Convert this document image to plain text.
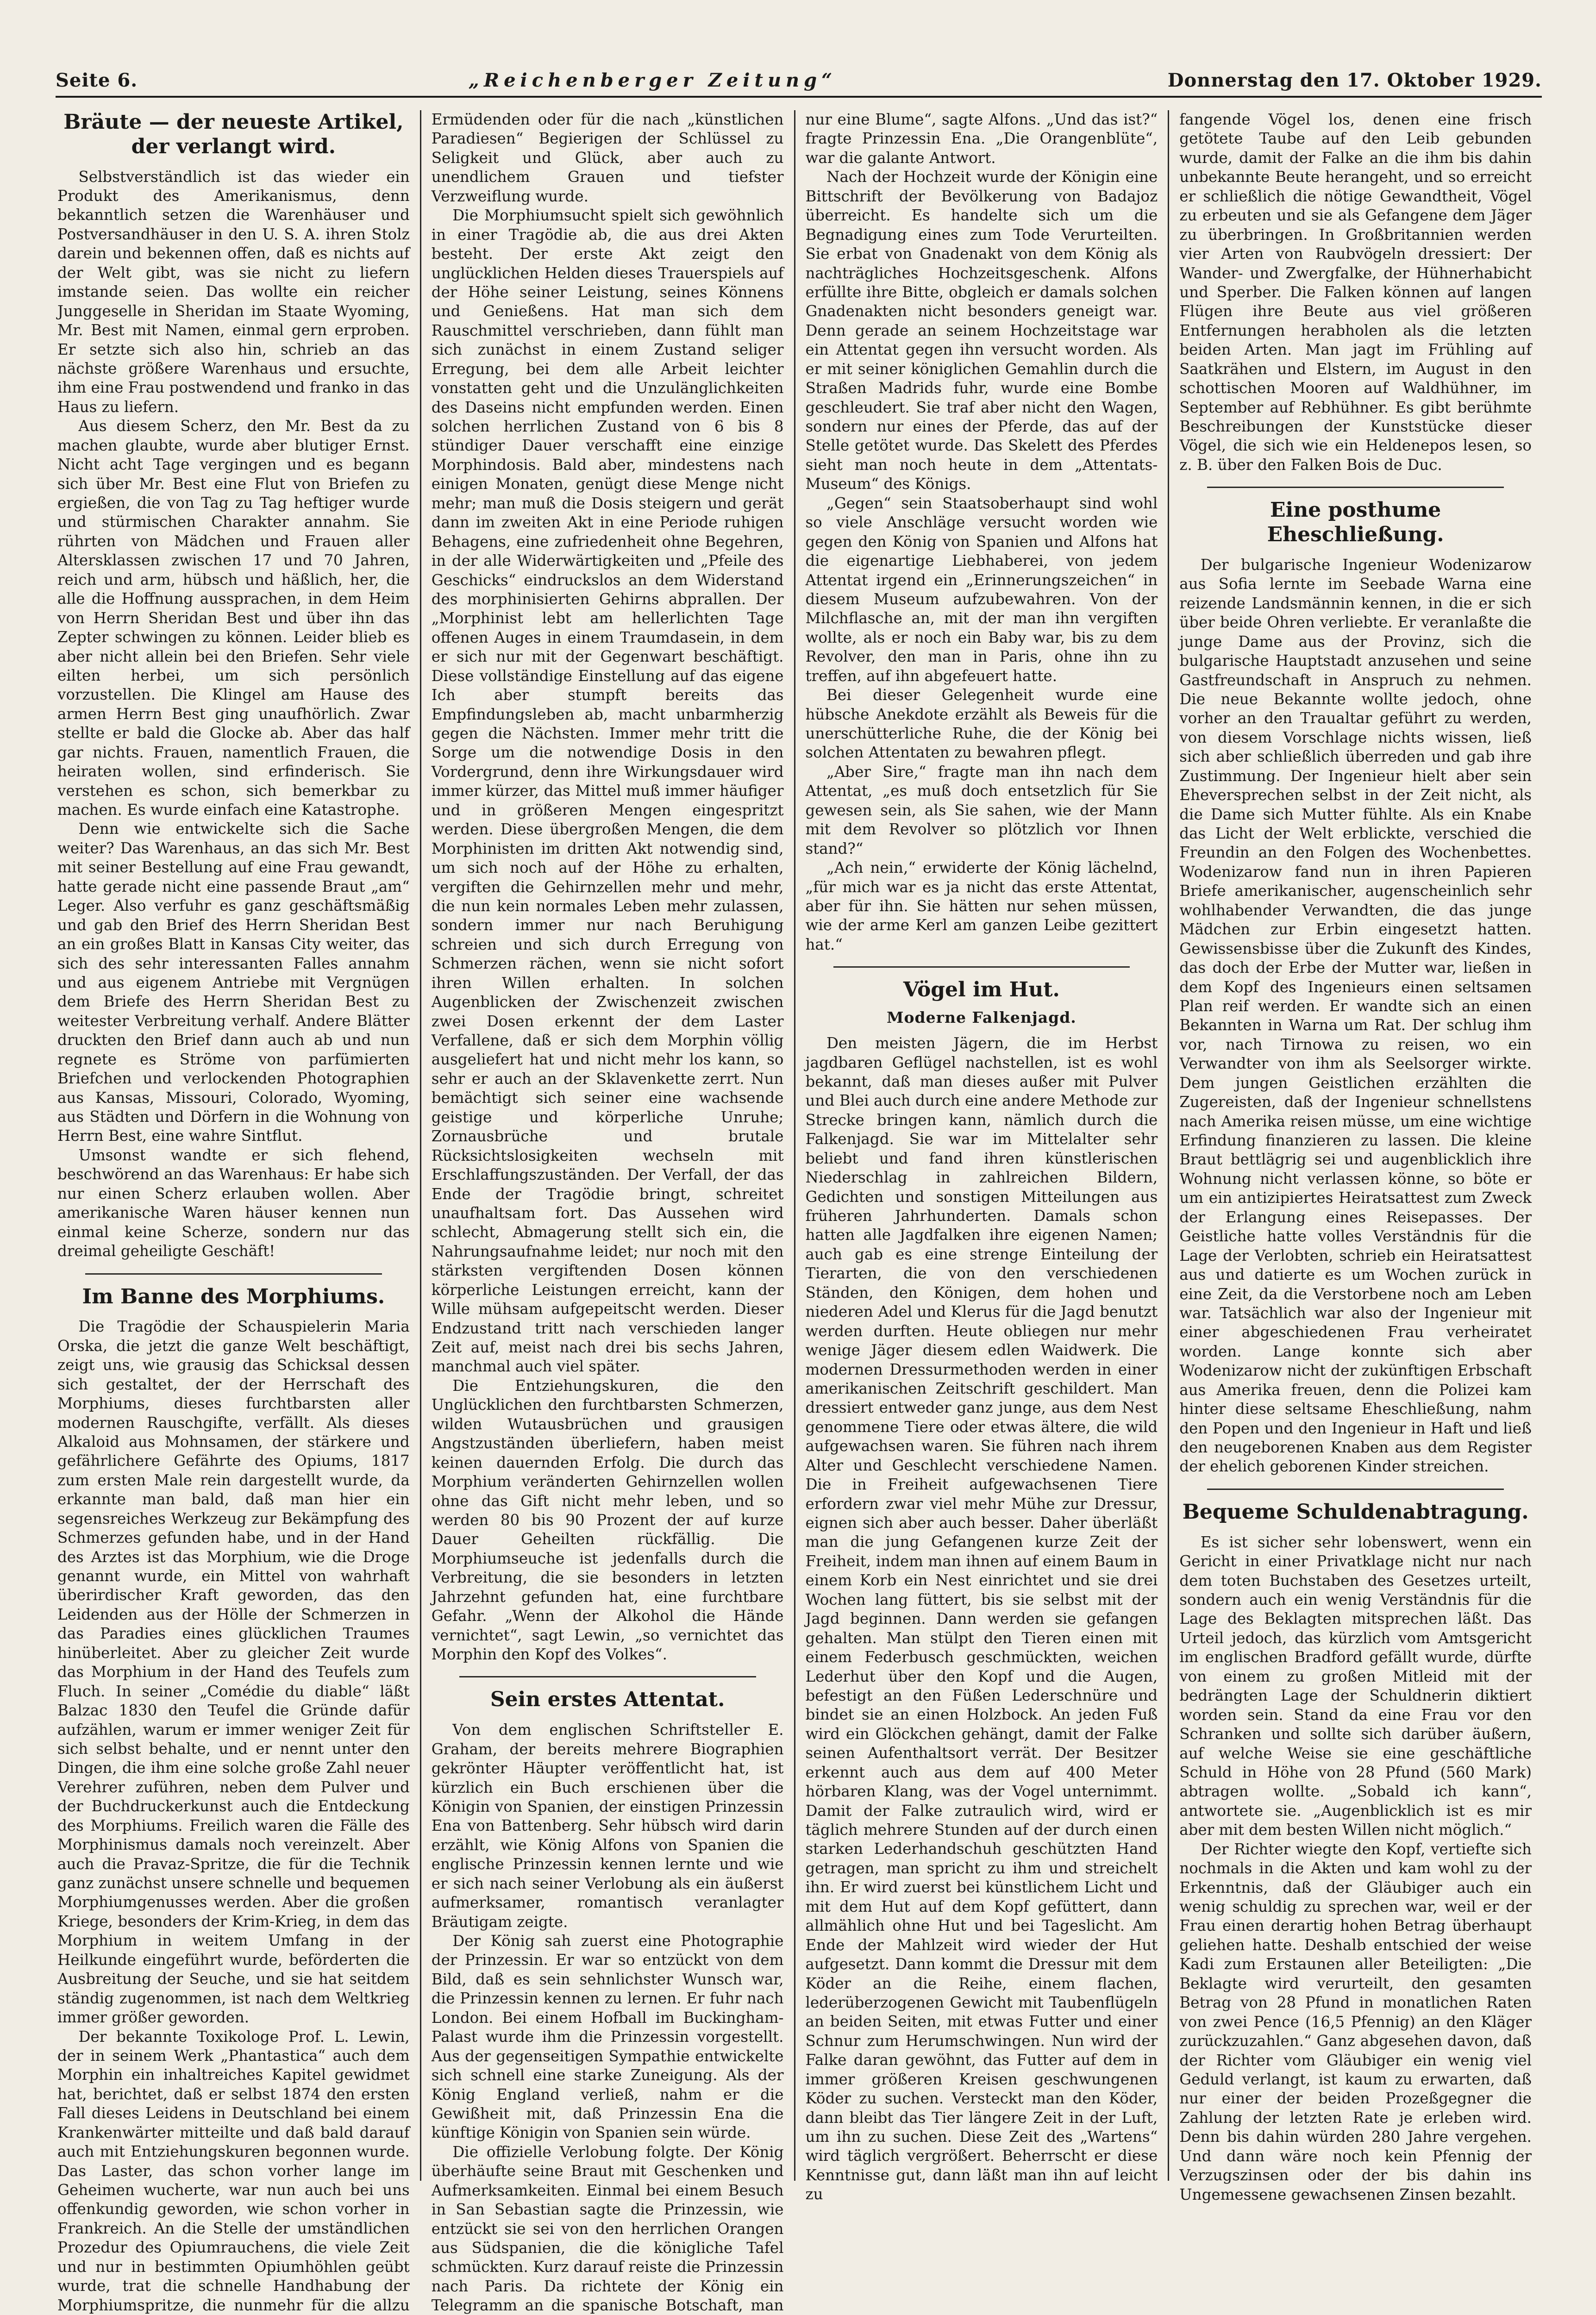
Seite 6.	„Reichenberger Zeitung“	Donnerstag den 17. Oktober 1929.
Bräute — der neueste Artikel, der verlangt wird.

Selbstverständlich ist das wieder ein Produkt des Amerikanismus, denn bekanntlich setzen die Warenhäuser und Postversandhäuser in den U. S. A. ihren Stolz darein und bekennen offen, daß es nichts auf der Welt gibt, was sie nicht zu liefern imstande seien. Das wollte ein reicher Junggeselle in Sheridan im Staate Wyoming, Mr. Best mit Namen, einmal gern erproben. Er setzte sich also hin, schrieb an das nächste größere Warenhaus und ersuchte, ihm eine Frau postwendend und franko in das Haus zu liefern.

Aus diesem Scherz, den Mr. Best da zu machen glaubte, wurde aber blutiger Ernst. Nicht acht Tage vergingen und es begann sich über Mr. Best eine Flut von Briefen zu ergießen, die von Tag zu Tag heftiger wurde und stürmischen Charakter annahm. Sie rührten von Mädchen und Frauen aller Altersklassen zwischen 17 und 70 Jahren, reich und arm, hübsch und häßlich, her, die alle die Hoffnung aussprachen, in dem Heim von Herrn Sheridan Best und über ihn das Zepter schwingen zu können. Leider blieb es aber nicht allein bei den Briefen. Sehr viele eilten herbei, um sich persönlich vorzustellen. Die Klingel am Hause des armen Herrn Best ging unaufhörlich. Zwar stellte er bald die Glocke ab. Aber das half gar nichts. Frauen, namentlich Frauen, die heiraten wollen, sind erfinderisch. Sie verstehen es schon, sich bemerkbar zu machen. Es wurde einfach eine Katastrophe.

Denn wie entwickelte sich die Sache weiter? Das Warenhaus, an das sich Mr. Best mit seiner Bestellung auf eine Frau gewandt, hatte gerade nicht eine passende Braut „am“ Leger. Also verfuhr es ganz geschäftsmäßig und gab den Brief des Herrn Sheridan Best an ein großes Blatt in Kansas City weiter, das sich des sehr interessanten Falles annahm und aus eigenem Antriebe mit Vergnügen dem Briefe des Herrn Sheridan Best zu weitester Verbreitung verhalf. Andere Blätter druckten den Brief dann auch ab und nun regnete es Ströme von parfümierten Briefchen und verlockenden Photographien aus Kansas, Missouri, Colorado, Wyoming, aus Städten und Dörfern in die Wohnung von Herrn Best, eine wahre Sintflut.

Umsonst wandte er sich flehend, beschwörend an das Warenhaus: Er habe sich nur einen Scherz erlauben wollen. Aber amerikanische Waren häuser kennen nun einmal keine Scherze, sondern nur das dreimal geheiligte Geschäft!

Im Banne des Morphiums.

Die Tragödie der Schauspielerin Maria Orska, die jetzt die ganze Welt beschäftigt, zeigt uns, wie grausig das Schicksal dessen sich gestaltet, der der Herrschaft des Morphiums, dieses furchtbarsten aller modernen Rauschgifte, verfällt. Als dieses Alkaloid aus Mohnsamen, der stärkere und gefährlichere Gefährte des Opiums, 1817 zum ersten Male rein dargestellt wurde, da erkannte man bald, daß man hier ein segensreiches Werkzeug zur Bekämpfung des Schmerzes gefunden habe, und in der Hand des Arztes ist das Morphium, wie die Droge genannt wurde, ein Mittel von wahrhaft überirdischer Kraft geworden, das den Leidenden aus der Hölle der Schmerzen in das Paradies eines glücklichen Traumes hinüberleitet. Aber zu gleicher Zeit wurde das Morphium in der Hand des Teufels zum Fluch. In seiner „Comédie du diable“ läßt Balzac 1830 den Teufel die Gründe dafür aufzählen, warum er immer weniger Zeit für sich selbst behalte, und er nennt unter den Dingen, die ihm eine solche große Zahl neuer Verehrer zuführen, neben dem Pulver und der Buchdruckerkunst auch die Entdeckung des Morphiums. Freilich waren die Fälle des Morphinismus damals noch vereinzelt. Aber auch die Pravaz-Spritze, die für die Technik ganz zunächst unsere schnelle und bequemen Morphiumgenusses werden. Aber die großen Kriege, besonders der Krim-Krieg, in dem das Morphium in weitem Umfang in der Heilkunde eingeführt wurde, beförderten die Ausbreitung der Seuche, und sie hat seitdem ständig zugenommen, ist nach dem Weltkrieg immer größer geworden.

Der bekannte Toxikologe Prof. L. Lewin, der in seinem Werk „Phantastica“ auch dem Morphin ein inhaltreiches Kapitel gewidmet hat, berichtet, daß er selbst 1874 den ersten Fall dieses Leidens in Deutschland bei einem Krankenwärter mitteilte und daß bald darauf auch mit Entziehungskuren begonnen wurde. Das Laster, das schon vorher lange im Geheimen wucherte, war nun auch bei uns offenkundig geworden, wie schon vorher in Frankreich. An die Stelle der umständlichen Prozedur des Opiumrauchens, die viele Zeit und nur in bestimmten Opiumhöhlen geübt wurde, trat die schnelle Handhabung der Morphiumspritze, die nunmehr für die allzu

Ermüdenden oder für die nach „künstlichen Paradiesen“ Begierigen der Schlüssel zu Seligkeit und Glück, aber auch zu unendlichem Grauen und tiefster Verzweiflung wurde.

Die Morphiumsucht spielt sich gewöhnlich in einer Tragödie ab, die aus drei Akten besteht. Der erste Akt zeigt den unglücklichen Helden dieses Trauerspiels auf der Höhe seiner Leistung, seines Könnens und Genießens. Hat man sich dem Rauschmittel verschrieben, dann fühlt man sich zunächst in einem Zustand seliger Erregung, bei dem alle Arbeit leichter vonstatten geht und die Unzulänglichkeiten des Daseins nicht empfunden werden. Einen solchen herrlichen Zustand von 6 bis 8 stündiger Dauer verschafft eine einzige Morphindosis. Bald aber, mindestens nach einigen Monaten, genügt diese Menge nicht mehr; man muß die Dosis steigern und gerät dann im zweiten Akt in eine Periode ruhigen Behagens, eine zufriedenheit ohne Begehren, in der alle Widerwärtigkeiten und „Pfeile des Geschicks“ eindruckslos an dem Widerstand des morphinisierten Gehirns abprallen. Der „Morphinist lebt am hellerlichten Tage offenen Auges in einem Traumdasein, in dem er sich nur mit der Gegenwart beschäftigt. Diese vollständige Einstellung auf das eigene Ich aber stumpft bereits das Empfindungsleben ab, macht unbarmherzig gegen die Nächsten. Immer mehr tritt die Sorge um die notwendige Dosis in den Vordergrund, denn ihre Wirkungsdauer wird immer kürzer, das Mittel muß immer häufiger und in größeren Mengen eingespritzt werden. Diese übergroßen Mengen, die dem Morphinisten im dritten Akt notwendig sind, um sich noch auf der Höhe zu erhalten, vergiften die Gehirnzellen mehr und mehr, die nun kein normales Leben mehr zulassen, sondern immer nur nach Beruhigung schreien und sich durch Erregung von Schmerzen rächen, wenn sie nicht sofort ihren Willen erhalten. In solchen Augenblicken der Zwischenzeit zwischen zwei Dosen erkennt der dem Laster Verfallene, daß er sich dem Morphin völlig ausgeliefert hat und nicht mehr los kann, so sehr er auch an der Sklavenkette zerrt. Nun bemächtigt sich seiner eine wachsende geistige und körperliche Unruhe; Zornausbrüche und brutale Rücksichtslosigkeiten wechseln mit Erschlaffungszuständen. Der Verfall, der das Ende der Tragödie bringt, schreitet unaufhaltsam fort. Das Aussehen wird schlecht, Abmagerung stellt sich ein, die Nahrungsaufnahme leidet; nur noch mit den stärksten vergiftenden Dosen können körperliche Leistungen erreicht, kann der Wille mühsam aufgepeitscht werden. Dieser Endzustand tritt nach verschieden langer Zeit auf, meist nach drei bis sechs Jahren, manchmal auch viel später.

Die Entziehungskuren, die den Unglücklichen den furchtbarsten Schmerzen, wilden Wutausbrüchen und grausigen Angstzuständen überliefern, haben meist keinen dauernden Erfolg. Die durch das Morphium veränderten Gehirnzellen wollen ohne das Gift nicht mehr leben, und so werden 80 bis 90 Prozent der auf kurze Dauer Geheilten rückfällig. Die Morphiumseuche ist jedenfalls durch die Verbreitung, die sie besonders in letzten Jahrzehnt gefunden hat, eine furchtbare Gefahr. „Wenn der Alkohol die Hände vernichtet“, sagt Lewin, „so vernichtet das Morphin den Kopf des Volkes“.

Sein erstes Attentat.

Von dem englischen Schriftsteller E. Graham, der bereits mehrere Biographien gekrönter Häupter veröffentlicht hat, ist kürzlich ein Buch erschienen über die Königin von Spanien, der einstigen Prinzessin Ena von Battenberg. Sehr hübsch wird darin erzählt, wie König Alfons von Spanien die englische Prinzessin kennen lernte und wie er sich nach seiner Verlobung als ein äußerst aufmerksamer, romantisch veranlagter Bräutigam zeigte.

Der König sah zuerst eine Photographie der Prinzessin. Er war so entzückt von dem Bild, daß es sein sehnlichster Wunsch war, die Prinzessin kennen zu lernen. Er fuhr nach London. Bei einem Hofball im Buckingham-Palast wurde ihm die Prinzessin vorgestellt. Aus der gegenseitigen Sympathie entwickelte sich schnell eine starke Zuneigung. Als der König England verließ, nahm er die Gewißheit mit, daß Prinzessin Ena die künftige Königin von Spanien sein würde.

Die offizielle Verlobung folgte. Der König überhäufte seine Braut mit Geschenken und Aufmerksamkeiten. Einmal bei einem Besuch in San Sebastian sagte die Prinzessin, wie entzückt sie sei von den herrlichen Orangen aus Südspanien, die die königliche Tafel schmückten. Kurz darauf reiste die Prinzessin nach Paris. Da richtete der König ein Telegramm an die spanische Botschaft, man

nur eine Blume“, sagte Alfons. „Und das ist?“ fragte Prinzessin Ena. „Die Orangenblüte“, war die galante Antwort.

Nach der Hochzeit wurde der Königin eine Bittschrift der Bevölkerung von Badajoz überreicht. Es handelte sich um die Begnadigung eines zum Tode Verurteilten. Sie erbat von Gnadenakt von dem König als nachträgliches Hochzeitsgeschenk. Alfons erfüllte ihre Bitte, obgleich er damals solchen Gnadenakten nicht besonders geneigt war. Denn gerade an seinem Hochzeitstage war ein Attentat gegen ihn versucht worden. Als er mit seiner königlichen Gemahlin durch die Straßen Madrids fuhr, wurde eine Bombe geschleudert. Sie traf aber nicht den Wagen, sondern nur eines der Pferde, das auf der Stelle getötet wurde. Das Skelett des Pferdes sieht man noch heute in dem „Attentats-Museum“ des Königs.

„Gegen“ sein Staatsoberhaupt sind wohl so viele Anschläge versucht worden wie gegen den König von Spanien und Alfons hat die eigenartige Liebhaberei, von jedem Attentat irgend ein „Erinnerungszeichen“ in diesem Museum aufzubewahren. Von der Milchflasche an, mit der man ihn vergiften wollte, als er noch ein Baby war, bis zu dem Revolver, den man in Paris, ohne ihn zu treffen, auf ihn abgefeuert hatte.

Bei dieser Gelegenheit wurde eine hübsche Anekdote erzählt als Beweis für die unerschütterliche Ruhe, die der König bei solchen Attentaten zu bewahren pflegt.

„Aber Sire,“ fragte man ihn nach dem Attentat, „es muß doch entsetzlich für Sie gewesen sein, als Sie sahen, wie der Mann mit dem Revolver so plötzlich vor Ihnen stand?“

„Ach nein,“ erwiderte der König lächelnd, „für mich war es ja nicht das erste Attentat, aber für ihn. Sie hätten nur sehen müssen, wie der arme Kerl am ganzen Leibe gezittert hat.“

Vögel im Hut.
Moderne Falkenjagd.

Den meisten Jägern, die im Herbst jagdbaren Geflügel nachstellen, ist es wohl bekannt, daß man dieses außer mit Pulver und Blei auch durch eine andere Methode zur Strecke bringen kann, nämlich durch die Falkenjagd. Sie war im Mittelalter sehr beliebt und fand ihren künstlerischen Niederschlag in zahlreichen Bildern, Gedichten und sonstigen Mitteilungen aus früheren Jahrhunderten. Damals schon hatten alle Jagdfalken ihre eigenen Namen; auch gab es eine strenge Einteilung der Tierarten, die von den verschiedenen Ständen, den Königen, dem hohen und niederen Adel und Klerus für die Jagd benutzt werden durften. Heute obliegen nur mehr wenige Jäger diesem edlen Waidwerk. Die modernen Dressurmethoden werden in einer amerikanischen Zeitschrift geschildert. Man dressiert entweder ganz junge, aus dem Nest genommene Tiere oder etwas ältere, die wild aufgewachsen waren. Sie führen nach ihrem Alter und Geschlecht verschiedene Namen. Die in Freiheit aufgewachsenen Tiere erfordern zwar viel mehr Mühe zur Dressur, eignen sich aber auch besser. Daher überläßt man die jung Gefangenen kurze Zeit der Freiheit, indem man ihnen auf einem Baum in einem Korb ein Nest einrichtet und sie drei Wochen lang füttert, bis sie selbst mit der Jagd beginnen. Dann werden sie gefangen gehalten. Man stülpt den Tieren einen mit einem Federbusch geschmückten, weichen Lederhut über den Kopf und die Augen, befestigt an den Füßen Lederschnüre und bindet sie an einen Holzbock. An jeden Fuß wird ein Glöckchen gehängt, damit der Falke seinen Aufenthaltsort verrät. Der Besitzer erkennt auch aus dem auf 400 Meter hörbaren Klang, was der Vogel unternimmt. Damit der Falke zutraulich wird, wird er täglich mehrere Stunden auf der durch einen starken Lederhandschuh geschützten Hand getragen, man spricht zu ihm und streichelt ihn. Er wird zuerst bei künstlichem Licht und mit dem Hut auf dem Kopf gefüttert, dann allmählich ohne Hut und bei Tageslicht. Am Ende der Mahlzeit wird wieder der Hut aufgesetzt. Dann kommt die Dressur mit dem Köder an die Reihe, einem flachen, lederüberzogenen Gewicht mit Taubenflügeln an beiden Seiten, mit etwas Futter und einer Schnur zum Herumschwingen. Nun wird der Falke daran gewöhnt, das Futter auf dem in immer größeren Kreisen geschwungenen Köder zu suchen. Versteckt man den Köder, dann bleibt das Tier längere Zeit in der Luft, um ihn zu suchen. Diese Zeit des „Wartens“ wird täglich vergrößert. Beherrscht er diese Kenntnisse gut, dann läßt man ihn auf leicht zu

fangende Vögel los, denen eine frisch getötete Taube auf den Leib gebunden wurde, damit der Falke an die ihm bis dahin unbekannte Beute herangeht, und so erreicht er schließlich die nötige Gewandtheit, Vögel zu erbeuten und sie als Gefangene dem Jäger zu überbringen. In Großbritannien werden vier Arten von Raubvögeln dressiert: Der Wander- und Zwergfalke, der Hühnerhabicht und Sperber. Die Falken können auf langen Flügen ihre Beute aus viel größeren Entfernungen herabholen als die letzten beiden Arten. Man jagt im Frühling auf Saatkrähen und Elstern, im August in den schottischen Mooren auf Waldhühner, im September auf Rebhühner. Es gibt berühmte Beschreibungen der Kunststücke dieser Vögel, die sich wie ein Heldenepos lesen, so z. B. über den Falken Bois de Duc.

Eine posthume Eheschließung.

Der bulgarische Ingenieur Wodenizarow aus Sofia lernte im Seebade Warna eine reizende Landsmännin kennen, in die er sich über beide Ohren verliebte. Er veranlaßte die junge Dame aus der Provinz, sich die bulgarische Hauptstadt anzusehen und seine Gastfreundschaft in Anspruch zu nehmen. Die neue Bekannte wollte jedoch, ohne vorher an den Traualtar geführt zu werden, von diesem Vorschlage nichts wissen, ließ sich aber schließlich überreden und gab ihre Zustimmung. Der Ingenieur hielt aber sein Eheversprechen selbst in der Zeit nicht, als die Dame sich Mutter fühlte. Als ein Knabe das Licht der Welt erblickte, verschied die Freundin an den Folgen des Wochenbettes. Wodenizarow fand nun in ihren Papieren Briefe amerikanischer, augenscheinlich sehr wohlhabender Verwandten, die das junge Mädchen zur Erbin eingesetzt hatten. Gewissensbisse über die Zukunft des Kindes, das doch der Erbe der Mutter war, ließen in dem Kopf des Ingenieurs einen seltsamen Plan reif werden. Er wandte sich an einen Bekannten in Warna um Rat. Der schlug ihm vor, nach Tirnowa zu reisen, wo ein Verwandter von ihm als Seelsorger wirkte. Dem jungen Geistlichen erzählten die Zugereisten, daß der Ingenieur schnellstens nach Amerika reisen müsse, um eine wichtige Erfindung finanzieren zu lassen. Die kleine Braut bettlägrig sei und augenblicklich ihre Wohnung nicht verlassen könne, so böte er um ein antizipiertes Heiratsattest zum Zweck der Erlangung eines Reisepasses. Der Geistliche hatte volles Verständnis für die Lage der Verlobten, schrieb ein Heiratsattest aus und datierte es um Wochen zurück in eine Zeit, da die Verstorbene noch am Leben war. Tatsächlich war also der Ingenieur mit einer abgeschiedenen Frau verheiratet worden. Lange konnte sich aber Wodenizarow nicht der zukünftigen Erbschaft aus Amerika freuen, denn die Polizei kam hinter diese seltsame Eheschließung, nahm den Popen und den Ingenieur in Haft und ließ den neugeborenen Knaben aus dem Register der ehelich geborenen Kinder streichen.

Bequeme Schuldenabtragung.

Es ist sicher sehr lobenswert, wenn ein Gericht in einer Privatklage nicht nur nach dem toten Buchstaben des Gesetzes urteilt, sondern auch ein wenig Verständnis für die Lage des Beklagten mitsprechen läßt. Das Urteil jedoch, das kürzlich vom Amtsgericht im englischen Bradford gefällt wurde, dürfte von einem zu großen Mitleid mit der bedrängten Lage der Schuldnerin diktiert worden sein. Stand da eine Frau vor den Schranken und sollte sich darüber äußern, auf welche Weise sie eine geschäftliche Schuld in Höhe von 28 Pfund (560 Mark) abtragen wollte. „Sobald ich kann“, antwortete sie. „Augenblicklich ist es mir aber mit dem besten Willen nicht möglich.“

Der Richter wiegte den Kopf, vertiefte sich nochmals in die Akten und kam wohl zu der Erkenntnis, daß der Gläubiger auch ein wenig schuldig zu sprechen war, weil er der Frau einen derartig hohen Betrag überhaupt geliehen hatte. Deshalb entschied der weise Kadi zum Erstaunen aller Beteiligten: „Die Beklagte wird verurteilt, den gesamten Betrag von 28 Pfund in monatlichen Raten von zwei Pence (16,5 Pfennig) an den Kläger zurückzuzahlen.“ Ganz abgesehen davon, daß der Richter vom Gläubiger ein wenig viel Geduld verlangt, ist kaum zu erwarten, daß nur einer der beiden Prozeßgegner die Zahlung der letzten Rate je erleben wird. Denn bis dahin würden 280 Jahre vergehen. Und dann wäre noch kein Pfennig der Verzugszinsen oder der bis dahin ins Ungemessene gewachsenen Zinsen bezahlt.
